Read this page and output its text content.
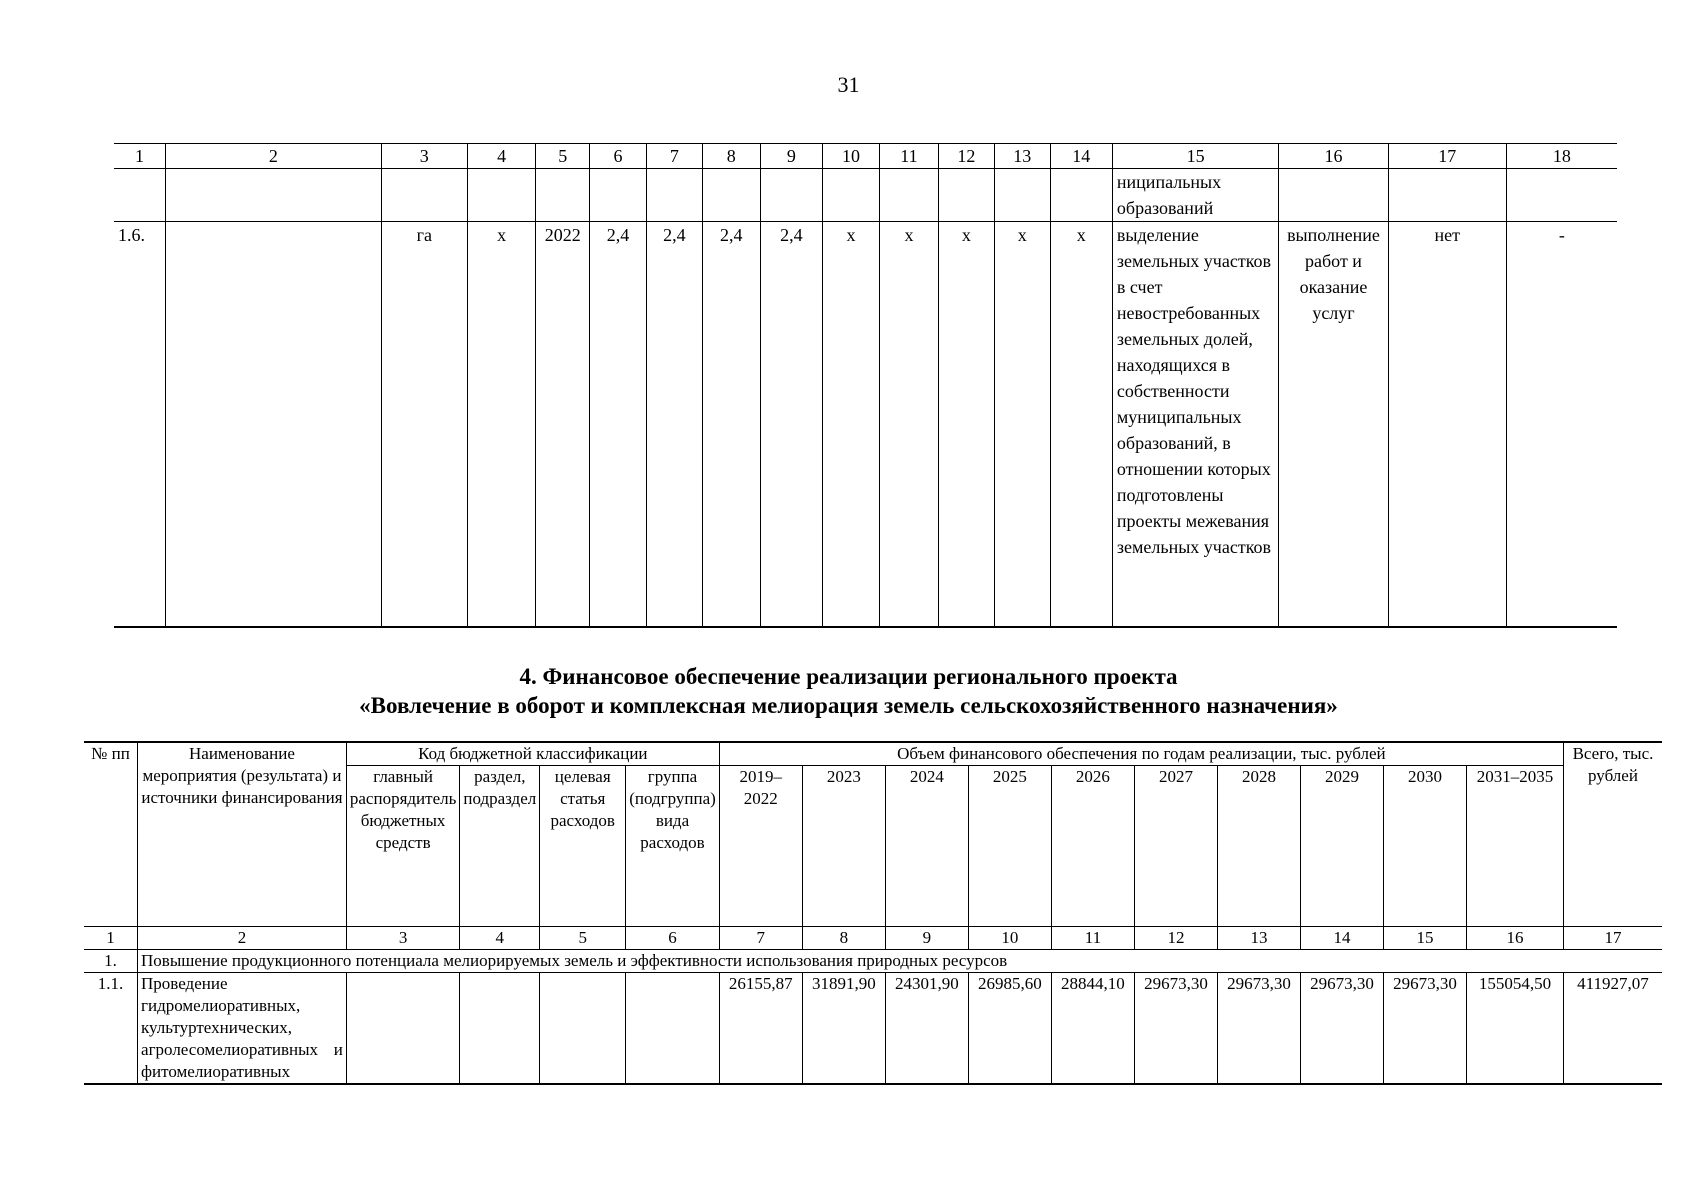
31
1	2	3	4	5	6	7	8	9	10	11	12	13	14	15	16	17	18
														ниципальных образований			
1.6.		га	х	2022	2,4	2,4	2,4	2,4	х	х	х	х	х	выделение земельных участков в счет невостребованных земельных долей, находящихся в собственности муниципальных образований, в отношении которых подготовлены проекты межевания земельных участков	выполнение работ и оказание услуг	нет	-
4. Финансовое обеспечение реализации регионального проекта
«Вовлечение в оборот и комплексная мелиорация земель сельскохозяйственного назначения»
№ пп	Наименование мероприятия (результата) и источники финансирования	Код бюджетной классификации				Объем финансового обеспечения по годам реализации, тыс. рублей										Всего, тыс. рублей
		главный распорядитель бюджетных средств	раздел, подраздел	целевая статья расходов	группа (подгруппа) вида расходов	2019–2022	2023	2024	2025	2026	2027	2028	2029	2030	2031–2035	
1	2	3	4	5	6	7	8	9	10	11	12	13	14	15	16	17
1.	Повышение продукционного потенциала мелиорируемых земель и эффективности использования природных ресурсов															
1.1.	Проведение гидромелиоративных, культуртехнических, агролесомелиоративных и фитомелиоративных					26155,87	31891,90	24301,90	26985,60	28844,10	29673,30	29673,30	29673,30	29673,30	155054,50	411927,07
